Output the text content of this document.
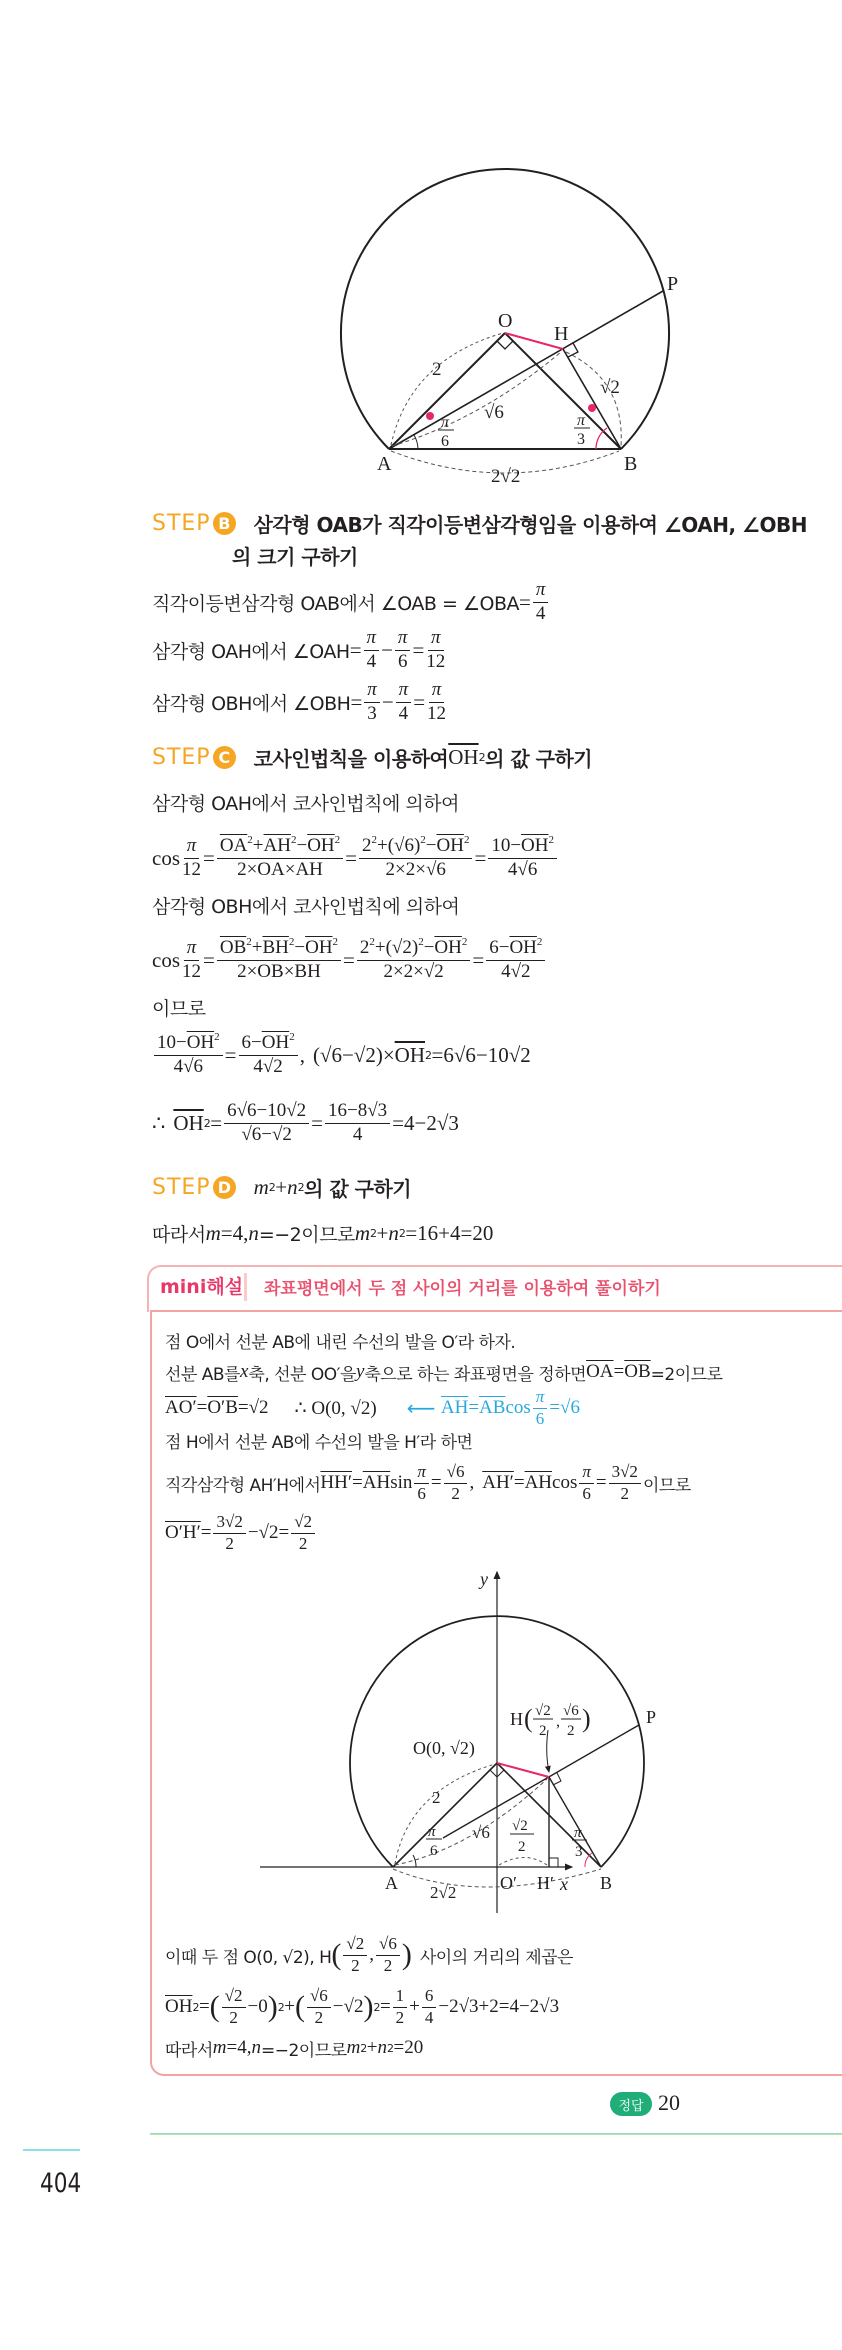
O
H
P
A	B
2
√6
√2
2√2
π
6
π
3
STEP B 삼각형 OAB가 직각이등변삼각형임을 이용하여 ∠OAH, ∠OBH
의 크기 구하기
직각이등변삼각형 OAB에서 ∠OAB = ∠OBA = $\frac{\pi}{4}$
삼각형 OAH에서 ∠OAH = $\frac{\pi}{4} - \frac{\pi}{6} = \frac{\pi}{12}$
삼각형 OBH에서 ∠OBH = $\frac{\pi}{3} - \frac{\pi}{4} = \frac{\pi}{12}$
STEP C 코사인법칙을 이용하여 $\overline{OH}$ 2 의 값 구하기
삼각형 OAH에서 코사인법칙에 의하여
$\cos \frac{\pi}{12} = \frac{\overline{OA}^2+\overline{AH}^2-\overline{OH}^2}{2\times\overline{OA}\times\overline{AH}} = \frac{2^2+(√6)^2-\overline{OH}^2}{2\times 2\times√6} = \frac{10-\overline{OH}^2}{4√6}$
삼각형 OBH에서 코사인법칙에 의하여
$\cos \frac{\pi}{12} = \frac{\overline{OB}^2+\overline{BH}^2-\overline{OH}^2}{2\times\overline{OB}\times\overline{BH}} = \frac{2^2+(√2)^2-\overline{OH}^2}{2\times 2\times√2} = \frac{6-\overline{OH}^2}{4√2}$
이므로
$\frac{10-\overline{OH}^2}{4√6} = \frac{6-\overline{OH}^2}{4√2}$ , $(√6-√2) \times \overline{OH}$ 2 = 6√6−10√2
∴ $\overline{OH}$ $2 = \frac{6√6-10√2}{√6-√2} = \frac{16-8√3}{4} = 4-2√3$
STEP D m 2 + n 2 의 값 구하기
따라서 m =4, n =−2이므로 m 2 + n 2 =16+4=20
mini해설 좌표평면에서 두 점 사이의 거리를 이용하여 풀이하기
점 O에서 선분 AB에 내린 수선의 발을 O′라 하자.
선분 AB를 x 축, 선분 OO′을 y 축으로 하는 좌표평면을 정하면 $\overline{OA} = \overline{OB} =2$이므로
AO′ = O′B = √2 ∴ O(0, √2) ⟵ $\overline{AH} = \overline{AB}$ $\cos \frac{\pi}{6} = √6$
점 H에서 선분 AB에 수선의 발을 H′라 하면
직각삼각형 AH′H에서 $HH' = \overline{AH}$ $\sin \frac{\pi}{6} = \frac{√6}{2}$ , $AH' = \overline{AH}$ $\cos \frac{\pi}{6} = \frac{3√2}{2}$ 이므로
$O'H' = \frac{3√2}{2} - √2 = \frac{√2}{2}$
y
x
A	O′ H′	B
P
O(0, √2)
H ( √2
2
,
√6
2 )
2
√6 √2
2
π
6
π
3
2√2
이때 두 점 O(0, √2), H ( √2
2 ,
√6
2 ) 사이의 거리의 제곱은
$\overline{OH}$ 2 = ( √2
2 −0 ) 2 + ( √6
2 − √2 ) $2 = \frac{1}{2} + \frac{6}{4} -2√3+2=4-2√3$
따라서 m =4, n =−2이므로 m 2 + n 2 =20
정답 20
404
